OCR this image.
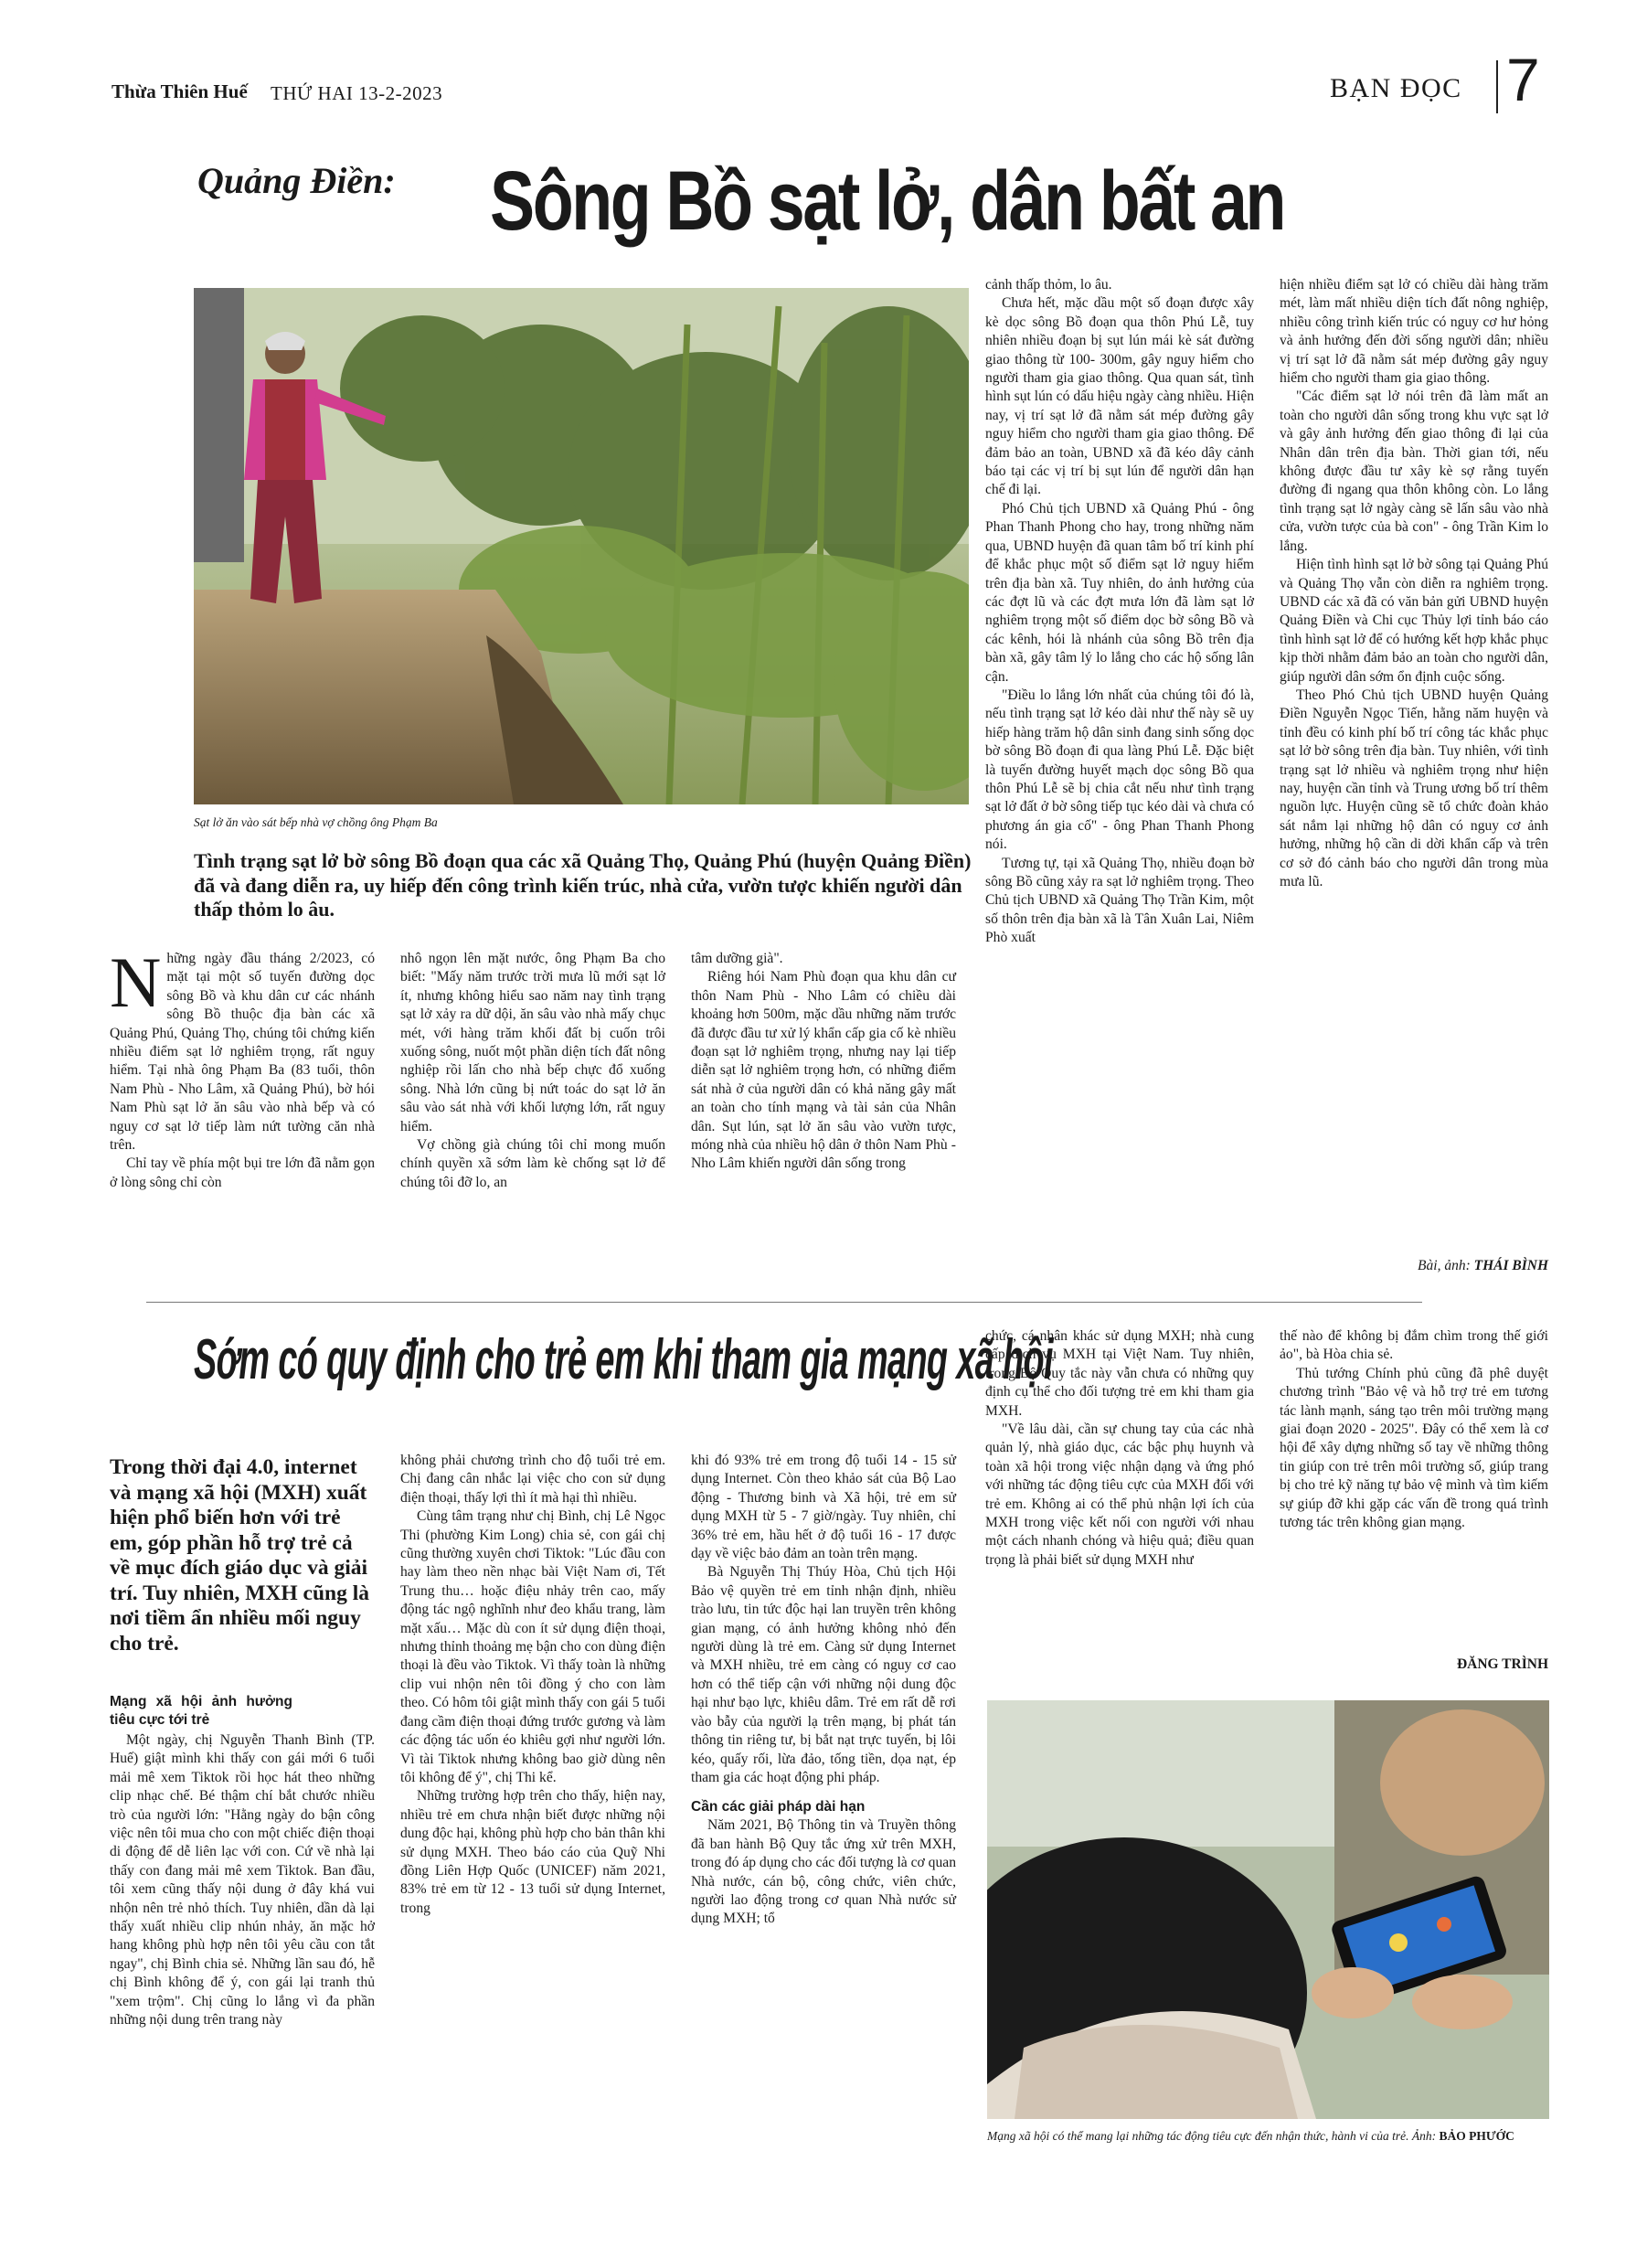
Thừa Thiên Huế THỨ HAI 13-2-2023	BẠN ĐỌC 7
Quảng Điền: Sông Bồ sạt lở, dân bất an
Sạt lở ăn vào sát bếp nhà vợ chồng ông Phạm Ba
Tình trạng sạt lở bờ sông Bồ đoạn qua các xã Quảng Thọ, Quảng Phú (huyện Quảng Điền) đã và đang diễn ra, uy hiếp đến công trình kiến trúc, nhà cửa, vườn tược khiến người dân thấp thỏm lo âu.
N hững ngày đầu tháng 2/2023, có mặt tại một số tuyến đường dọc sông Bồ và khu dân cư các nhánh sông Bồ thuộc địa bàn các xã Quảng Phú, Quảng Thọ, chúng tôi chứng kiến nhiều điểm sạt lở nghiêm trọng, rất nguy hiểm. Tại nhà ông Phạm Ba (83 tuổi, thôn Nam Phù - Nho Lâm, xã Quảng Phú), bờ hói Nam Phù sạt lở ăn sâu vào nhà bếp và có nguy cơ sạt lở tiếp làm nứt tường căn nhà trên.

Chỉ tay về phía một bụi tre lớn đã nằm gọn ở lòng sông chỉ còn

nhô ngọn lên mặt nước, ông Phạm Ba cho biết: "Mấy năm trước trời mưa lũ mới sạt lở ít, nhưng không hiểu sao năm nay tình trạng sạt lở xảy ra dữ dội, ăn sâu vào nhà mấy chục mét, với hàng trăm khối đất bị cuốn trôi xuống sông, nuốt một phần diện tích đất nông nghiệp rồi lấn cho nhà bếp chực đổ xuống sông. Nhà lớn cũng bị nứt toác do sạt lở ăn sâu vào sát nhà với khối lượng lớn, rất nguy hiểm.

Vợ chồng già chúng tôi chỉ mong muốn chính quyền xã sớm làm kè chống sạt lở để chúng tôi đỡ lo, an

tâm dưỡng già".

Riêng hói Nam Phù đoạn qua khu dân cư thôn Nam Phù - Nho Lâm có chiều dài khoảng hơn 500m, mặc dầu những năm trước đã được đầu tư xử lý khẩn cấp gia cố kè nhiều đoạn sạt lở nghiêm trọng, nhưng nay lại tiếp diễn sạt lở nghiêm trọng hơn, có những điểm sát nhà ở của người dân có khả năng gây mất an toàn cho tính mạng và tài sản của Nhân dân. Sụt lún, sạt lở ăn sâu vào vườn tược, móng nhà của nhiều hộ dân ở thôn Nam Phù - Nho Lâm khiến người dân sống trong

cảnh thấp thỏm, lo âu.

Chưa hết, mặc dầu một số đoạn được xây kè dọc sông Bồ đoạn qua thôn Phú Lễ, tuy nhiên nhiều đoạn bị sụt lún mái kè sát đường giao thông từ 100- 300m, gây nguy hiểm cho người tham gia giao thông. Qua quan sát, tình hình sụt lún có dấu hiệu ngày càng nhiều. Hiện nay, vị trí sạt lở đã nằm sát mép đường gây nguy hiểm cho người tham gia giao thông. Để đảm bảo an toàn, UBND xã đã kéo dây cảnh báo tại các vị trí bị sụt lún để người dân hạn chế đi lại.

Phó Chủ tịch UBND xã Quảng Phú - ông Phan Thanh Phong cho hay, trong những năm qua, UBND huyện đã quan tâm bố trí kinh phí để khắc phục một số điểm sạt lở nguy hiểm trên địa bàn xã. Tuy nhiên, do ảnh hưởng của các đợt lũ và các đợt mưa lớn đã làm sạt lở nghiêm trọng một số điểm dọc bờ sông Bồ và các kênh, hói là nhánh của sông Bồ trên địa bàn xã, gây tâm lý lo lắng cho các hộ sống lân cận.

"Điều lo lắng lớn nhất của chúng tôi đó là, nếu tình trạng sạt lở kéo dài như thế này sẽ uy hiếp hàng trăm hộ dân sinh đang sinh sống dọc bờ sông Bồ đoạn đi qua làng Phú Lễ. Đặc biệt là tuyến đường huyết mạch dọc sông Bồ qua thôn Phú Lễ sẽ bị chia cắt nếu như tình trạng sạt lở đất ở bờ sông tiếp tục kéo dài và chưa có phương án gia cố" - ông Phan Thanh Phong nói.

Tương tự, tại xã Quảng Thọ, nhiều đoạn bờ sông Bồ cũng xảy ra sạt lở nghiêm trọng. Theo Chủ tịch UBND xã Quảng Thọ Trần Kim, một số thôn trên địa bàn xã là Tân Xuân Lai, Niêm Phò xuất

hiện nhiều điểm sạt lở có chiều dài hàng trăm mét, làm mất nhiều diện tích đất nông nghiệp, nhiều công trình kiến trúc có nguy cơ hư hỏng và ảnh hưởng đến đời sống người dân; nhiều vị trí sạt lở đã nằm sát mép đường gây nguy hiểm cho người tham gia giao thông.

"Các điểm sạt lở nói trên đã làm mất an toàn cho người dân sống trong khu vực sạt lở và gây ảnh hưởng đến giao thông đi lại của Nhân dân trên địa bàn. Thời gian tới, nếu không được đầu tư xây kè sợ rằng tuyến đường đi ngang qua thôn không còn. Lo lắng tình trạng sạt lở ngày càng sẽ lấn sâu vào nhà cửa, vườn tược của bà con" - ông Trần Kim lo lắng.

Hiện tình hình sạt lở bờ sông tại Quảng Phú và Quảng Thọ vẫn còn diễn ra nghiêm trọng. UBND các xã đã có văn bản gửi UBND huyện Quảng Điền và Chi cục Thủy lợi tỉnh báo cáo tình hình sạt lở để có hướng kết hợp khắc phục kịp thời nhằm đảm bảo an toàn cho người dân, giúp người dân sớm ổn định cuộc sống.

Theo Phó Chủ tịch UBND huyện Quảng Điền Nguyễn Ngọc Tiến, hằng năm huyện và tỉnh đều có kinh phí bố trí công tác khắc phục sạt lở bờ sông trên địa bàn. Tuy nhiên, với tình trạng sạt lở nhiều và nghiêm trọng như hiện nay, huyện cần tỉnh và Trung ương bố trí thêm nguồn lực. Huyện cũng sẽ tổ chức đoàn khảo sát nắm lại những hộ dân có nguy cơ ảnh hưởng, những hộ cần di dời khẩn cấp và trên cơ sở đó cảnh báo cho người dân trong mùa mưa lũ.

Bài, ảnh: THÁI BÌNH
Sớm có quy định cho trẻ em khi tham gia mạng xã hội
Trong thời đại 4.0, internet và mạng xã hội (MXH) xuất hiện phổ biến hơn với trẻ em, góp phần hỗ trợ trẻ cả về mục đích giáo dục và giải trí. Tuy nhiên, MXH cũng là nơi tiềm ẩn nhiều mối nguy cho trẻ.
Mạng xã hội ảnh hưởng tiêu cực tới trẻ

Một ngày, chị Nguyễn Thanh Bình (TP. Huế) giật mình khi thấy con gái mới 6 tuổi mải mê xem Tiktok rồi học hát theo những clip nhạc chế. Bé thậm chí bắt chước nhiều trò của người lớn: "Hằng ngày do bận công việc nên tôi mua cho con một chiếc điện thoại di động để dễ liên lạc với con. Cứ về nhà lại thấy con đang mải mê xem Tiktok. Ban đầu, tôi xem cũng thấy nội dung ở đây khá vui nhộn nên trẻ nhỏ thích. Tuy nhiên, dần dà lại thấy xuất nhiều clip nhún nhảy, ăn mặc hở hang không phù hợp nên tôi yêu cầu con tắt ngay", chị Bình chia sẻ. Những lần sau đó, hễ chị Bình không để ý, con gái lại tranh thủ "xem trộm". Chị cũng lo lắng vì đa phần những nội dung trên trang này

không phải chương trình cho độ tuổi trẻ em. Chị đang cân nhắc lại việc cho con sử dụng điện thoại, thấy lợi thì ít mà hại thì nhiều.

Cùng tâm trạng như chị Bình, chị Lê Ngọc Thi (phường Kim Long) chia sẻ, con gái chị cũng thường xuyên chơi Tiktok: "Lúc đầu con hay làm theo nền nhạc bài Việt Nam ơi, Tết Trung thu… hoặc điệu nhảy trên cao, mấy động tác ngộ nghĩnh như đeo khẩu trang, làm mặt xấu… Mặc dù con ít sử dụng điện thoại, nhưng thỉnh thoảng mẹ bận cho con dùng điện thoại là đều vào Tiktok. Vì thấy toàn là những clip vui nhộn nên tôi đồng ý cho con làm theo. Có hôm tôi giật mình thấy con gái 5 tuổi đang cầm điện thoại đứng trước gương và làm các động tác uốn éo khiêu gợi như người lớn. Vì tài Tiktok nhưng không bao giờ dùng nên tôi không để ý", chị Thi kể.

Những trường hợp trên cho thấy, hiện nay, nhiều trẻ em chưa nhận biết được những nội dung độc hại, không phù hợp cho bản thân khi sử dụng MXH. Theo báo cáo của Quỹ Nhi đồng Liên Hợp Quốc (UNICEF) năm 2021, 83% trẻ em từ 12 - 13 tuổi sử dụng Internet, trong

khi đó 93% trẻ em trong độ tuổi 14 - 15 sử dụng Internet. Còn theo khảo sát của Bộ Lao động - Thương binh và Xã hội, trẻ em sử dụng MXH từ 5 - 7 giờ/ngày. Tuy nhiên, chỉ 36% trẻ em, hầu hết ở độ tuổi 16 - 17 được dạy về việc bảo đảm an toàn trên mạng.

Bà Nguyễn Thị Thúy Hòa, Chủ tịch Hội Bảo vệ quyền trẻ em tỉnh nhận định, nhiều trào lưu, tin tức độc hại lan truyền trên không gian mạng, có ảnh hưởng không nhỏ đến người dùng là trẻ em. Càng sử dụng Internet và MXH nhiều, trẻ em càng có nguy cơ cao hơn có thể tiếp cận với những nội dung độc hại như bạo lực, khiêu dâm. Trẻ em rất dễ rơi vào bẫy của người lạ trên mạng, bị phát tán thông tin riêng tư, bị bắt nạt trực tuyến, bị lôi kéo, quấy rối, lừa đảo, tống tiền, dọa nạt, ép tham gia các hoạt động phi pháp.

Cần các giải pháp dài hạn

Năm 2021, Bộ Thông tin và Truyền thông đã ban hành Bộ Quy tắc ứng xử trên MXH, trong đó áp dụng cho các đối tượng là cơ quan Nhà nước, cán bộ, công chức, viên chức, người lao động trong cơ quan Nhà nước sử dụng MXH; tổ

chức, cá nhân khác sử dụng MXH; nhà cung cấp dịch vụ MXH tại Việt Nam. Tuy nhiên, trong Bộ Quy tắc này vẫn chưa có những quy định cụ thể cho đối tượng trẻ em khi tham gia MXH.

"Về lâu dài, cần sự chung tay của các nhà quản lý, nhà giáo dục, các bậc phụ huynh và toàn xã hội trong việc nhận dạng và ứng phó với những tác động tiêu cực của MXH đối với trẻ em. Không ai có thể phủ nhận lợi ích của MXH trong việc kết nối con người với nhau một cách nhanh chóng và hiệu quả; điều quan trọng là phải biết sử dụng MXH như

thế nào để không bị đắm chìm trong thế giới ảo", bà Hòa chia sẻ.

Thủ tướng Chính phủ cũng đã phê duyệt chương trình "Bảo vệ và hỗ trợ trẻ em tương tác lành mạnh, sáng tạo trên môi trường mạng giai đoạn 2020 - 2025". Đây có thể xem là cơ hội để xây dựng những số tay về những thông tin giúp con trẻ trên môi trường số, giúp trang bị cho trẻ kỹ năng tự bảo vệ mình và tìm kiếm sự giúp đỡ khi gặp các vấn đề trong quá trình tương tác trên không gian mạng.

ĐĂNG TRÌNH
Mạng xã hội có thể mang lại những tác động tiêu cực đến nhận thức, hành vi của trẻ. Ảnh: BẢO PHƯỚC
